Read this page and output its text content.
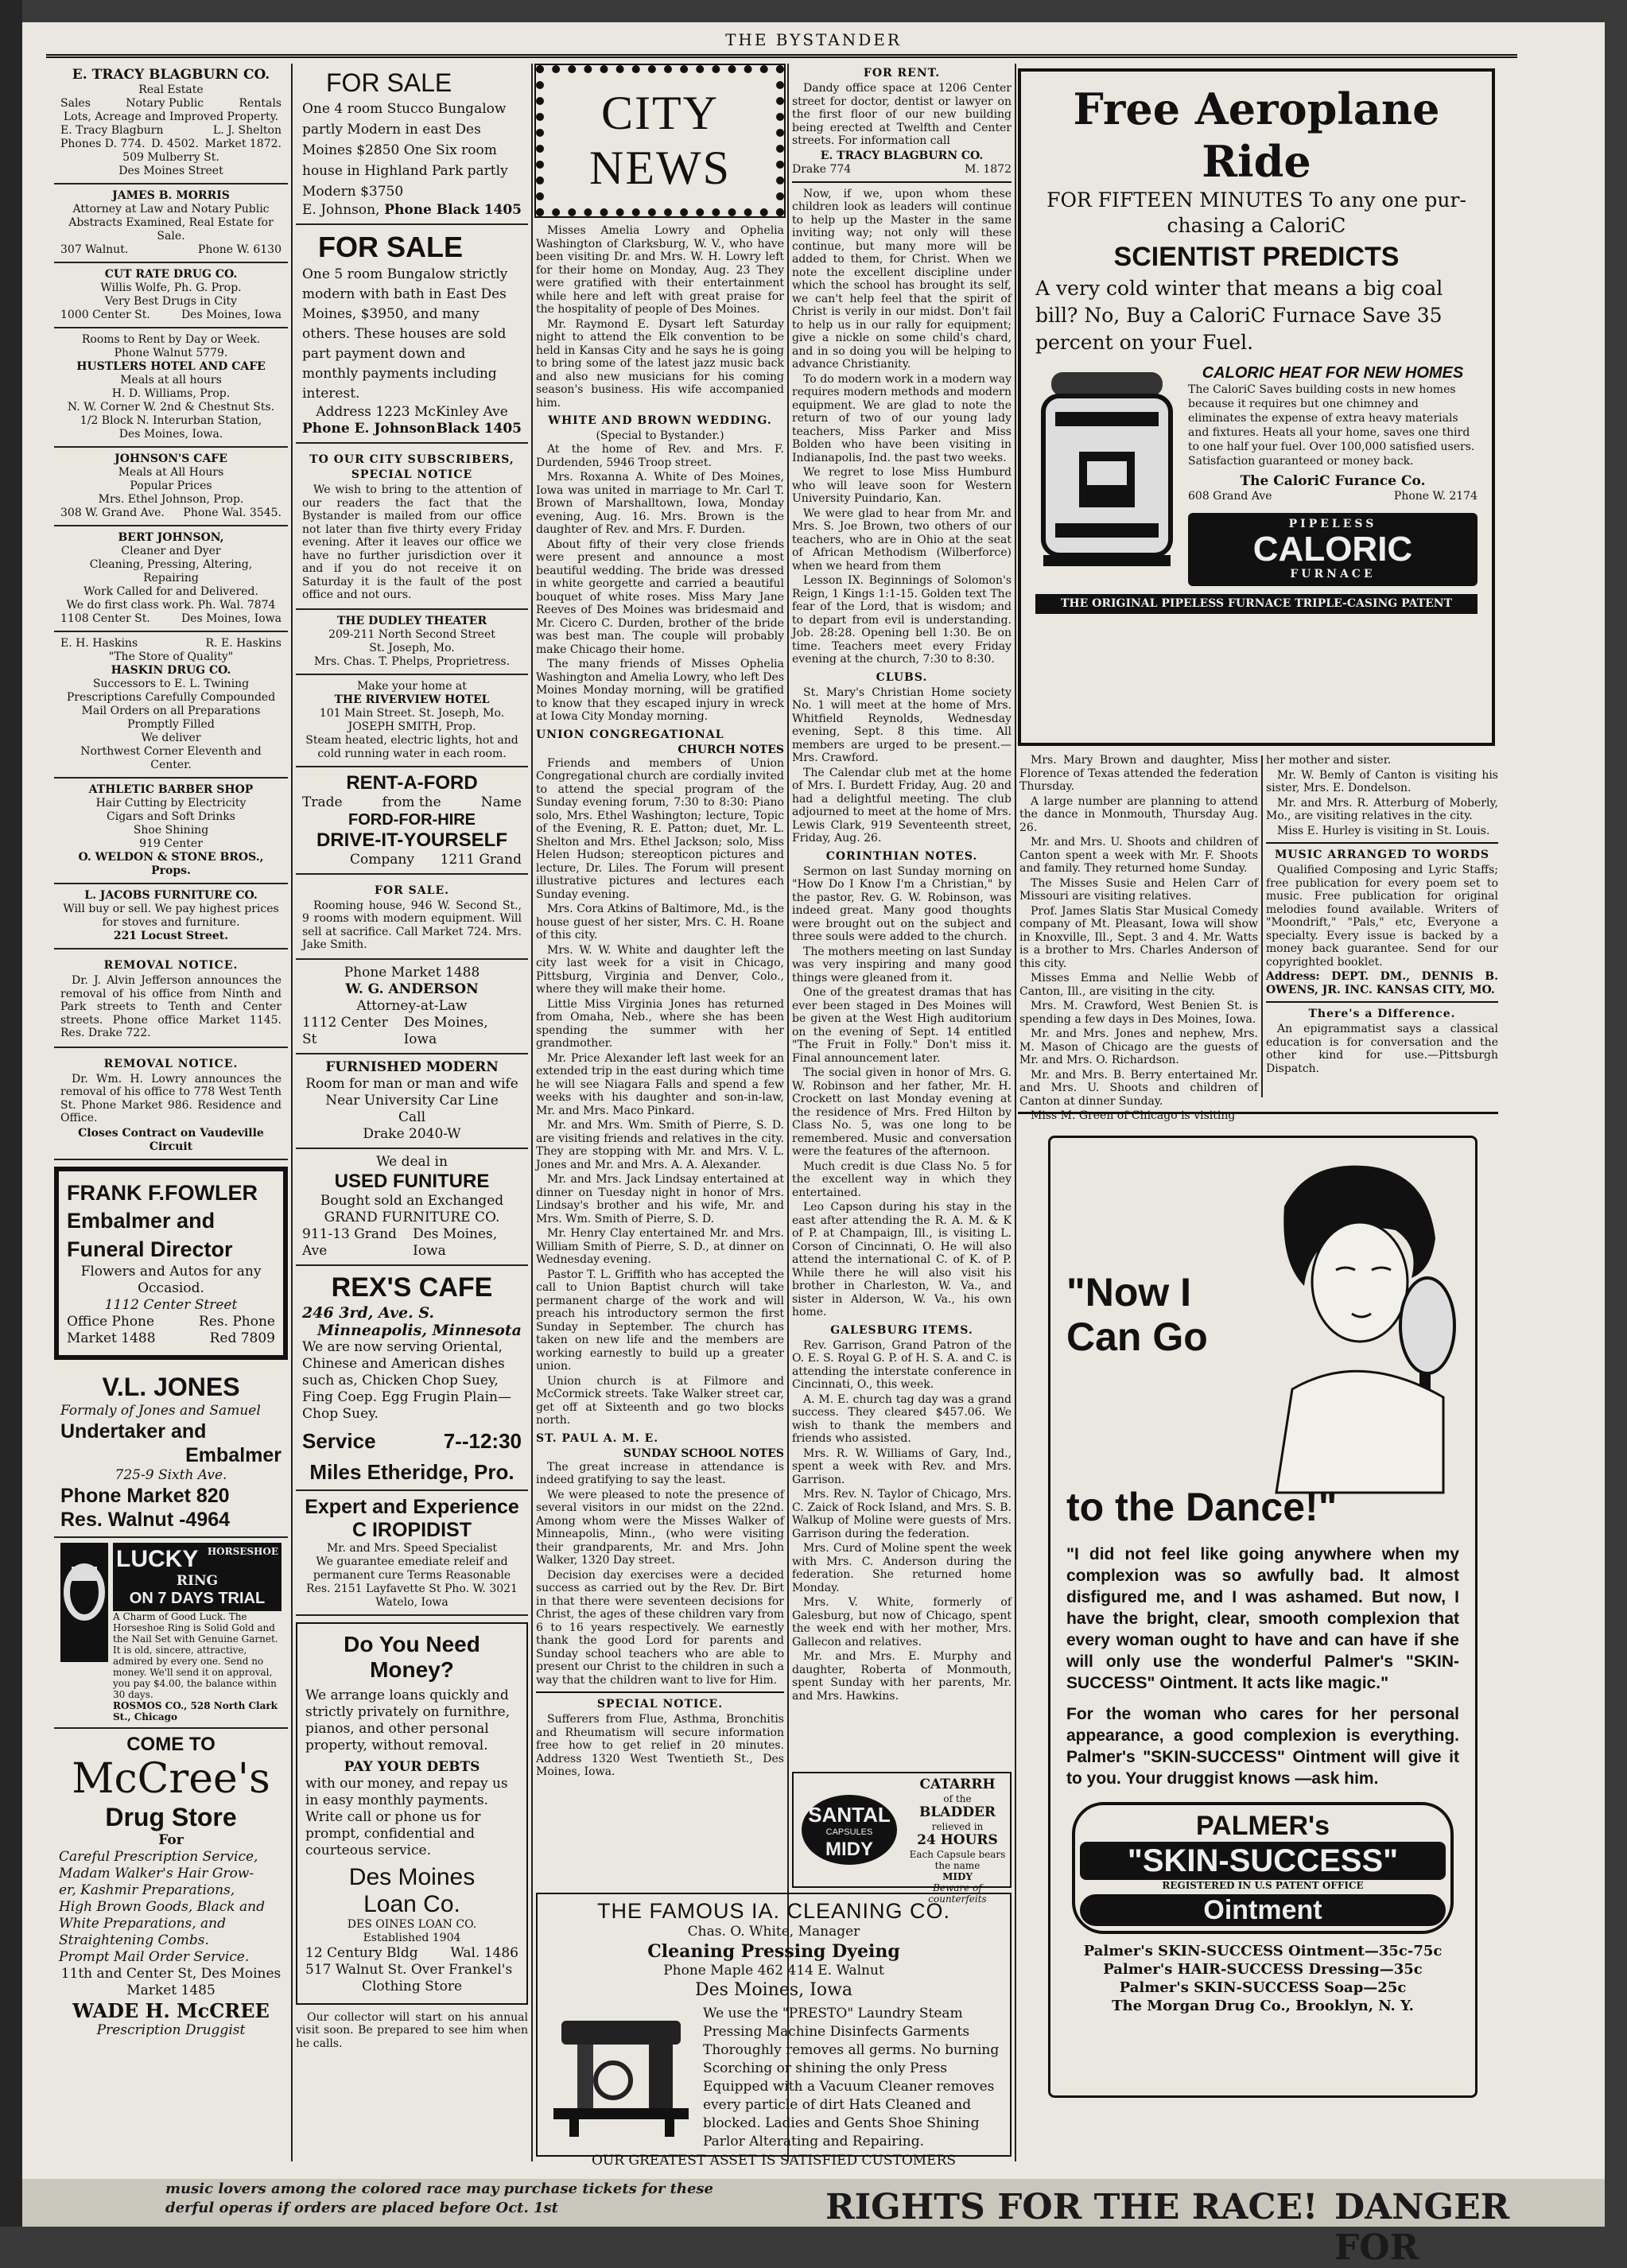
THE BYSTANDER
E. TRACY BLAGBURN CO.
Real Estate
Sales	Notary Public	Rentals
Lots, Acreage and Improved Property.
E. Tracy Blagburn	L. J. Shelton
Phones D. 774. D. 4502. Market 1872.
509 Mulberry St.
Des Moines Street
JAMES B. MORRIS
Attorney at Law and Notary Public
Abstracts Examined, Real Estate for
Sale.
307 Walnut.	Phone W. 6130
CUT RATE DRUG CO.
Willis Wolfe, Ph. G. Prop.
Very Best Drugs in City
1000 Center St.	Des Moines, Iowa
Rooms to Rent by Day or Week.
Phone Walnut 5779.
HUSTLERS HOTEL AND CAFE
Meals at all hours
H. D. Williams, Prop.
N. W. Corner W. 2nd & Chestnut Sts.
1/2 Block N. Interurban Station,
Des Moines, Iowa.
JOHNSON'S CAFE
Meals at All Hours
Popular Prices
Mrs. Ethel Johnson, Prop.
308 W. Grand Ave. Phone Wal. 3545.
BERT JOHNSON,
Cleaner and Dyer
Cleaning, Pressing, Altering, Repairing
Work Called for and Delivered.
We do first class work. Ph. Wal. 7874
1108 Center St.	Des Moines, Iowa
E. H. Haskins	R. E. Haskins
"The Store of Quality"
HASKIN DRUG CO.
Successors to E. L. Twining
Prescriptions Carefully Compounded
Mail Orders on all Preparations
Promptly Filled
We deliver
Northwest Corner Eleventh and Center.
ATHLETIC BARBER SHOP
Hair Cutting by Electricity
Cigars and Soft Drinks
Shoe Shining
919 Center
O. WELDON & STONE BROS., Props.
L. JACOBS FURNITURE CO.
Will buy or sell. We pay highest prices
for stoves and furniture.
221 Locust Street.
REMOVAL NOTICE.
Dr. J. Alvin Jefferson announces the removal of his office from Ninth and Park streets to Tenth and Center streets. Phone office Market 1145. Res. Drake 722.
REMOVAL NOTICE.
Dr. Wm. H. Lowry announces the removal of his office to 778 West Tenth St. Phone Market 986. Residence and Office.
Closes Contract on Vaudeville Circuit
FRANK F.FOWLER
Embalmer and
Funeral Director
Flowers and Autos for any
Occasiod.
1112 Center Street
Office Phone	Res. Phone
Market 1488	Red 7809
V.L. JONES
Formaly of Jones and Samuel
Undertaker and
Embalmer
725-9 Sixth Ave.
Phone Market 820
Res. Walnut -4964
LUCKY HORSESHOE
RING
ON 7 DAYS TRIAL
A Charm of Good Luck. The Horseshoe Ring is Solid Gold and the Nail Set with Genuine Garnet. It is old, sincere, attractive, admired by every one. Send no money. We'll send it on approval, you pay $4.00, the balance within 30 days.
ROSMOS CO., 528 North Clark St., Chicago
COME TO
McCree's
Drug Store
For
Careful Prescription Service,
Madam Walker's Hair Grow-
er, Kashmir Preparations,
High Brown Goods, Black and
White Preparations, and
Straightening Combs.
Prompt Mail Order Service.
11th and Center St, Des Moines
Market 1485
WADE H. McCREE
Prescription Druggist
FOR SALE
One 4 room Stucco Bungalow partly Modern in east Des Moines $2850 One Six room house in Highland Park partly Modern $3750
E. Johnson, Phone Black 1405
FOR SALE
One 5 room Bungalow strictly modern with bath in East Des Moines, $3950, and many others. These houses are sold part payment down and monthly payments including interest.
Address 1223 McKinley Ave
Phone E. Johnson Black 1405
TO OUR CITY SUBSCRIBERS,
SPECIAL NOTICE
We wish to bring to the attention of our readers the fact that the Bystander is mailed from our office not later than five thirty every Friday evening. After it leaves our office we have no further jurisdiction over it and if you do not receive it on Saturday it is the fault of the post office and not ours.
THE DUDLEY THEATER
209-211 North Second Street
St. Joseph, Mo.
Mrs. Chas. T. Phelps, Proprietress.
Make your home at
THE RIVERVIEW HOTEL
101 Main Street. St. Joseph, Mo.
JOSEPH SMITH, Prop.
Steam heated, electric lights, hot and cold running water in each room.
RENT-A-FORD
Trade	from the	Name
FORD-FOR-HIRE
DRIVE-IT-YOURSELF
Company 1211 Grand
FOR SALE.
Rooming house, 946 W. Second St., 9 rooms with modern equipment. Will sell at sacrifice. Call Market 724. Mrs. Jake Smith.
Phone Market 1488
W. G. ANDERSON
Attorney-at-Law
1112 Center St
Des Moines, Iowa
FURNISHED MODERN
Room for man or man and wife
Near University Car Line
Call
Drake 2040-W
We deal in
USED FUNITURE
Bought sold an Exchanged
GRAND FURNITURE CO.
911-13 Grand Ave
Des Moines, Iowa
REX'S CAFE
246 3rd, Ave. S.
Minneapolis, Minnesota
We are now serving Oriental, Chinese and American dishes such as, Chicken Chop Suey, Fing Coep. Egg Frugin Plain—Chop Suey.
Service	7--12:30
Miles Etheridge, Pro.
Expert and Experience
C IROPIDIST
Mr. and Mrs. Speed Specialist
We guarantee emediate releif and permanent cure Terms Reasonable
Res. 2151 Layfavette St Pho. W. 3021
Watelo, Iowa
Do You Need
Money?
We arrange loans quickly and strictly privately on furnithre, pianos, and other personal property, without removal.
PAY YOUR DEBTS
with our money, and repay us in easy monthly payments. Write call or phone us for prompt, confidential and courteous service.
Des Moines
Loan Co.
DES OINES LOAN CO.
Established 1904
12 Century Bldg Wal. 1486
517 Walnut St. Over Frankel's
Clothing Store
Our collector will start on his annual visit soon. Be prepared to see him when he calls.
CITY NEWS
Misses Amelia Lowry and Ophelia Washington of Clarksburg, W. V., who have been visiting Dr. and Mrs. W. H. Lowry left for their home on Monday, Aug. 23 They were gratified with their entertainment while here and left with great praise for the hospitality of people of Des Moines.
Mr. Raymond E. Dysart left Saturday night to attend the Elk convention to be held in Kansas City and he says he is going to bring some of the latest jazz music back and also new musicians for his coming season's business. His wife accompanied him.
WHITE AND BROWN WEDDING.
(Special to Bystander.)
At the home of Rev. and Mrs. F. Durdenden, 5946 Troop street.
Mrs. Roxanna A. White of Des Moines, Iowa was united in marriage to Mr. Carl T. Brown of Marshalltown, Iowa, Monday evening, Aug. 16. Mrs. Brown is the daughter of Rev. and Mrs. F. Durden.
About fifty of their very close friends were present and announce a most beautiful wedding. The bride was dressed in white georgette and carried a beautiful bouquet of white roses. Miss Mary Jane Reeves of Des Moines was bridesmaid and Mr. Cicero C. Durden, brother of the bride was best man. The couple will probably make Chicago their home.
The many friends of Misses Ophelia Washington and Amelia Lowry, who left Des Moines Monday morning, will be gratified to know that they escaped injury in wreck at Iowa City Monday morning.
UNION CONGREGATIONAL
CHURCH NOTES
Friends and members of Union Congregational church are cordially invited to attend the special program of the Sunday evening forum, 7:30 to 8:30: Piano solo, Mrs. Ethel Washington; lecture, Topic of the Evening, R. E. Patton; duet, Mr. L. Shelton and Mrs. Ethel Jackson; solo, Miss Helen Hudson; stereopticon pictures and lecture, Dr. Liles. The Forum will present illustrative pictures and lectures each Sunday evening.
Mrs. Cora Atkins of Baltimore, Md., is the house guest of her sister, Mrs. C. H. Roane of this city.
Mrs. W. W. White and daughter left the city last week for a visit in Chicago, Pittsburg, Virginia and Denver, Colo., where they will make their home.
Little Miss Virginia Jones has returned from Omaha, Neb., where she has been spending the summer with her grandmother.
Mr. Price Alexander left last week for an extended trip in the east during which time he will see Niagara Falls and spend a few weeks with his daughter and son-in-law, Mr. and Mrs. Maco Pinkard.
Mr. and Mrs. Wm. Smith of Pierre, S. D. are visiting friends and relatives in the city. They are stopping with Mr. and Mrs. V. L. Jones and Mr. and Mrs. A. A. Alexander.
Mr. and Mrs. Jack Lindsay entertained at dinner on Tuesday night in honor of Mrs. Lindsay's brother and his wife, Mr. and Mrs. Wm. Smith of Pierre, S. D.
Mr. Henry Clay entertained Mr. and Mrs. William Smith of Pierre, S. D., at dinner on Wednesday evening.
Pastor T. L. Griffith who has accepted the call to Union Baptist church will take permanent charge of the work and will preach his introductory sermon the first Sunday in September. The church has taken on new life and the members are working earnestly to build up a greater union.
Union church is at Filmore and McCormick streets. Take Walker street car, get off at Sixteenth and go two blocks north.
ST. PAUL A. M. E.
SUNDAY SCHOOL NOTES
The great increase in attendance is indeed gratifying to say the least.
We were pleased to note the presence of several visitors in our midst on the 22nd. Among whom were the Misses Walker of Minneapolis, Minn., (who were visiting their grandparents, Mr. and Mrs. John Walker, 1320 Day street.
Decision day exercises were a decided success as carried out by the Rev. Dr. Birt in that there were seventeen decisions for Christ, the ages of these children vary from 6 to 16 years respectively. We earnestly thank the good Lord for parents and Sunday school teachers who are able to present our Christ to the children in such a way that the children want to live for Him.
SPECIAL NOTICE.
Sufferers from Flue, Asthma, Bronchitis and Rheumatism will secure information free how to get relief in 20 minutes. Address 1320 West Twentieth St., Des Moines, Iowa.
FOR RENT.
Dandy office space at 1206 Center street for doctor, dentist or lawyer on the first floor of our new building being erected at Twelfth and Center streets. For information call
E. TRACY BLAGBURN CO.
Drake 774	M. 1872
Now, if we, upon whom these children look as leaders will continue to help up the Master in the same inviting way; not only will these continue, but many more will be added to them, for Christ. When we note the excellent discipline under which the school has brought its self, we can't help feel that the spirit of Christ is verily in our midst. Don't fail to help us in our rally for equipment; give a nickle on some child's chard, and in so doing you will be helping to advance Christianity.
To do modern work in a modern way requires modern methods and modern equipment. We are glad to note the return of two of our young lady teachers, Miss Parker and Miss Bolden who have been visiting in Indianapolis, Ind. the past two weeks.
We regret to lose Miss Humburd who will leave soon for Western University Puindario, Kan.
We were glad to hear from Mr. and Mrs. S. Joe Brown, two others of our teachers, who are in Ohio at the seat of African Methodism (Wilberforce) when we heard from them
Lesson IX. Beginnings of Solomon's Reign, 1 Kings 1:1-15. Golden text The fear of the Lord, that is wisdom; and to depart from evil is understanding. Job. 28:28. Opening bell 1:30. Be on time. Teachers meet every Friday evening at the church, 7:30 to 8:30.
CLUBS.
St. Mary's Christian Home society No. 1 will meet at the home of Mrs. Whitfield Reynolds, Wednesday evening, Sept. 8 this time. All members are urged to be present.—Mrs. Crawford.
The Calendar club met at the home of Mrs. I. Burdett Friday, Aug. 20 and had a delightful meeting. The club adjourned to meet at the home of Mrs. Lewis Clark, 919 Seventeenth street, Friday, Aug. 26.
CORINTHIAN NOTES.
Sermon on last Sunday morning on "How Do I Know I'm a Christian," by the pastor, Rev. G. W. Robinson, was indeed great. Many good thoughts were brought out on the subject and three souls were added to the church.
The mothers meeting on last Sunday was very inspiring and many good things were gleaned from it.
One of the greatest dramas that has ever been staged in Des Moines will be given at the West High auditorium on the evening of Sept. 14 entitled "The Fruit in Folly." Don't miss it. Final announcement later.
The social given in honor of Mrs. G. W. Robinson and her father, Mr. H. Crockett on last Monday evening at the residence of Mrs. Fred Hilton by Class No. 5, was one long to be remembered. Music and conversation were the features of the afternoon.
Much credit is due Class No. 5 for the excellent way in which they entertained.
Leo Capson during his stay in the east after attending the R. A. M. & K of P. at Champaign, Ill., is visiting L. Corson of Cincinnati, O. He will also attend the international C. of K. of P. While there he will also visit his brother in Charleston, W. Va., and sister in Alderson, W. Va., his own home.
GALESBURG ITEMS.
Rev. Garrison, Grand Patron of the O. E. S. Royal G. P. of H. S. A. and C. is attending the interstate conference in Cincinnati, O., this week.
A. M. E. church tag day was a grand success. They cleared $457.06. We wish to thank the members and friends who assisted.
Mrs. R. W. Williams of Gary, Ind., spent a week with Rev. and Mrs. Garrison.
Mrs. Rev. N. Taylor of Chicago, Mrs. C. Zaick of Rock Island, and Mrs. S. B. Walkup of Moline were guests of Mrs. Garrison during the federation.
Mrs. Curd of Moline spent the week with Mrs. C. Anderson during the federation. She returned home Monday.
Mrs. V. White, formerly of Galesburg, but now of Chicago, spent the week end with her mother, Mrs. Gallecon and relatives.
Mr. and Mrs. E. Murphy and daughter, Roberta of Monmouth, spent Sunday with her parents, Mr. and Mrs. Hawkins.
SANTAL
CAPSULES
MIDY
CATARRH
of the
BLADDER
relieved in
24 HOURS
Each Capsule bears the name
MIDY
Beware of counterfeits
THE FAMOUS IA. CLEANING CO.
Chas. O. White, Manager
Cleaning Pressing Dyeing
Phone Maple 462 414 E. Walnut
Des Moines, Iowa
We use the "PRESTO" Laundry Steam Pressing Machine Disinfects Garments Thoroughly removes all germs. No burning Scorching or shining the only Press Equipped with a Vacuum Cleaner removes every particle of dirt Hats Cleaned and blocked. Ladies and Gents Shoe Shining Parlor Alterating and Repairing.
OUR GREATEST ASSET IS SATISFIED CUSTOMERS
Free Aeroplane Ride
FOR FIFTEEN MINUTES To any one pur-
chasing a CaloriC
SCIENTIST PREDICTS
A very cold winter that means a big coal bill? No, Buy a CaloriC Furnace Save 35 percent on your Fuel.
CALORIC HEAT FOR NEW HOMES
The CaloriC Saves building costs in new homes because it requires but one chimney and eliminates the expense of extra heavy materials and fixtures. Heats all your home, saves one third to one half your fuel. Over 100,000 satisfied users. Satisfaction guaranteed or money back.
The CaloriC Furance Co.
608 Grand Ave	Phone W. 2174
PIPELESS
CALORIC
FURNACE
THE ORIGINAL PIPELESS FURNACE TRIPLE-CASING PATENT
Mrs. Mary Brown and daughter, Miss Florence of Texas attended the federation Thursday.
A large number are planning to attend the dance in Monmouth, Thursday Aug. 26.
Mr. and Mrs. U. Shoots and children of Canton spent a week with Mr. F. Shoots and family. They returned home Sunday.
The Misses Susie and Helen Carr of Missouri are visiting relatives.
Prof. James Slatis Star Musical Comedy company of Mt. Pleasant, Iowa will show in Knoxville, Ill., Sept. 3 and 4. Mr. Watts is a brother to Mrs. Charles Anderson of this city.
Misses Emma and Nellie Webb of Canton, Ill., are visiting in the city.
Mrs. M. Crawford, West Benien St. is spending a few days in Des Moines, Iowa.
Mr. and Mrs. Jones and nephew, Mrs. M. Mason of Chicago are the guests of Mr. and Mrs. O. Richardson.
Mr. and Mrs. B. Berry entertained Mr. and Mrs. U. Shoots and children of Canton at dinner Sunday.
Miss M. Green of Chicago is visiting
her mother and sister.
Mr. W. Bemly of Canton is visiting his sister, Mrs. E. Dondelson.
Mr. and Mrs. R. Atterburg of Moberly, Mo., are visiting relatives in the city.
Miss E. Hurley is visiting in St. Louis.
MUSIC ARRANGED TO WORDS
Qualified Composing and Lyric Staffs; free publication for every poem set to music. Free publication for original melodies found available. Writers of "Moondrift," "Pals," etc, Everyone a specialty. Every issue is backed by a money back guarantee. Send for our copyrighted booklet.
Address: DEPT. DM., DENNIS B. OWENS, JR. INC. KANSAS CITY, MO.
There's a Difference.
An epigrammatist says a classical education is for conversation and the other kind for use.—Pittsburgh Dispatch.
"Now I
Can Go
to the Dance!"
"I did not feel like going anywhere when my complexion was so awfully bad. It almost disfigured me, and I was ashamed. But now, I have the bright, clear, smooth complexion that every woman ought to have and can have if she will only use the wonderful Palmer's "SKIN-SUCCESS" Ointment. It acts like magic."
For the woman who cares for her personal appearance, a good complexion is everything. Palmer's "SKIN-SUCCESS" Ointment will give it to you. Your druggist knows —ask him.
PALMER's
"SKIN-SUCCESS"
REGISTERED IN U.S PATENT OFFICE
Ointment
Palmer's SKIN-SUCCESS Ointment—35c-75c
Palmer's HAIR-SUCCESS Dressing—35c
Palmer's SKIN-SUCCESS Soap—25c
The Morgan Drug Co., Brooklyn, N. Y.
music lovers among the colored race may purchase tickets for these
derful operas if orders are placed before Oct. 1st	RIGHTS FOR THE RACE! DANGER FOR
